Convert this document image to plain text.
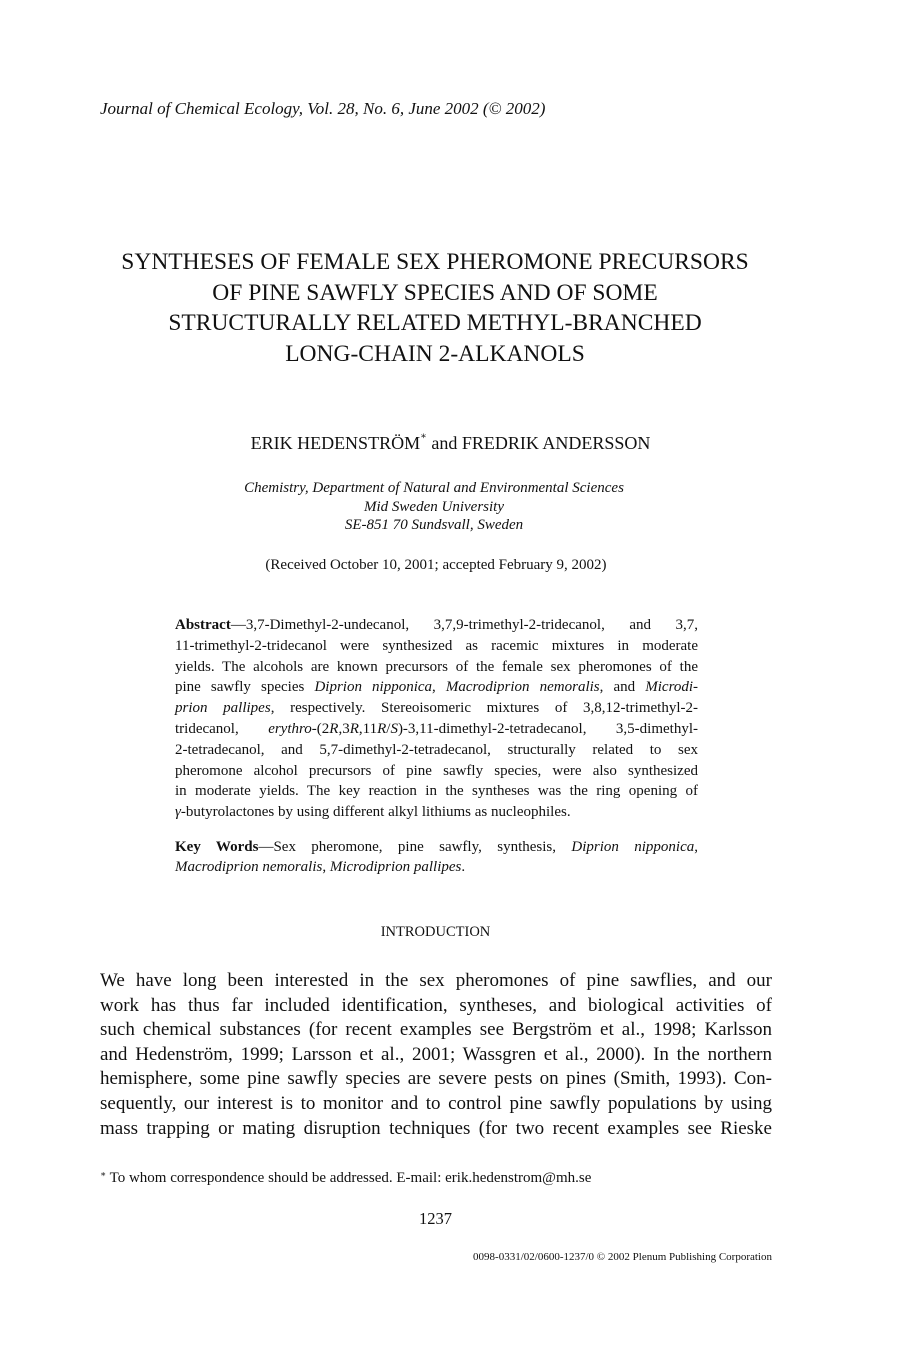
Journal of Chemical Ecology, Vol. 28, No. 6, June 2002 (© 2002)
SYNTHESES OF FEMALE SEX PHEROMONE PRECURSORS
OF PINE SAWFLY SPECIES AND OF SOME
STRUCTURALLY RELATED METHYL-BRANCHED
LONG-CHAIN 2-ALKANOLS
ERIK HEDENSTRÖM∗ and FREDRIK ANDERSSON
Chemistry, Department of Natural and Environmental Sciences
Mid Sweden University
SE-851 70 Sundsvall, Sweden
(Received October 10, 2001; accepted February 9, 2002)
Abstract—3,7-Dimethyl-2-undecanol, 3,7,9-trimethyl-2-tridecanol, and 3,7,
11-trimethyl-2-tridecanol were synthesized as racemic mixtures in moderate
yields. The alcohols are known precursors of the female sex pheromones of the
pine sawfly species Diprion nipponica, Macrodiprion nemoralis, and Microdi-
prion pallipes, respectively. Stereoisomeric mixtures of 3,8,12-trimethyl-2-
tridecanol, erythro-(2R,3R,11R/S)-3,11-dimethyl-2-tetradecanol, 3,5-dimethyl-
2-tetradecanol, and 5,7-dimethyl-2-tetradecanol, structurally related to sex
pheromone alcohol precursors of pine sawfly species, were also synthesized
in moderate yields. The key reaction in the syntheses was the ring opening of
γ-butyrolactones by using different alkyl lithiums as nucleophiles.
Key Words—Sex pheromone, pine sawfly, synthesis, Diprion nipponica,
Macrodiprion nemoralis, Microdiprion pallipes.
INTRODUCTION
We have long been interested in the sex pheromones of pine sawflies, and our
work has thus far included identification, syntheses, and biological activities of
such chemical substances (for recent examples see Bergström et al., 1998; Karlsson
and Hedenström, 1999; Larsson et al., 2001; Wassgren et al., 2000). In the northern
hemisphere, some pine sawfly species are severe pests on pines (Smith, 1993). Con-
sequently, our interest is to monitor and to control pine sawfly populations by using
mass trapping or mating disruption techniques (for two recent examples see Rieske
∗ To whom correspondence should be addressed. E-mail: erik.hedenstrom@mh.se
1237
0098-0331/02/0600-1237/0 © 2002 Plenum Publishing Corporation
